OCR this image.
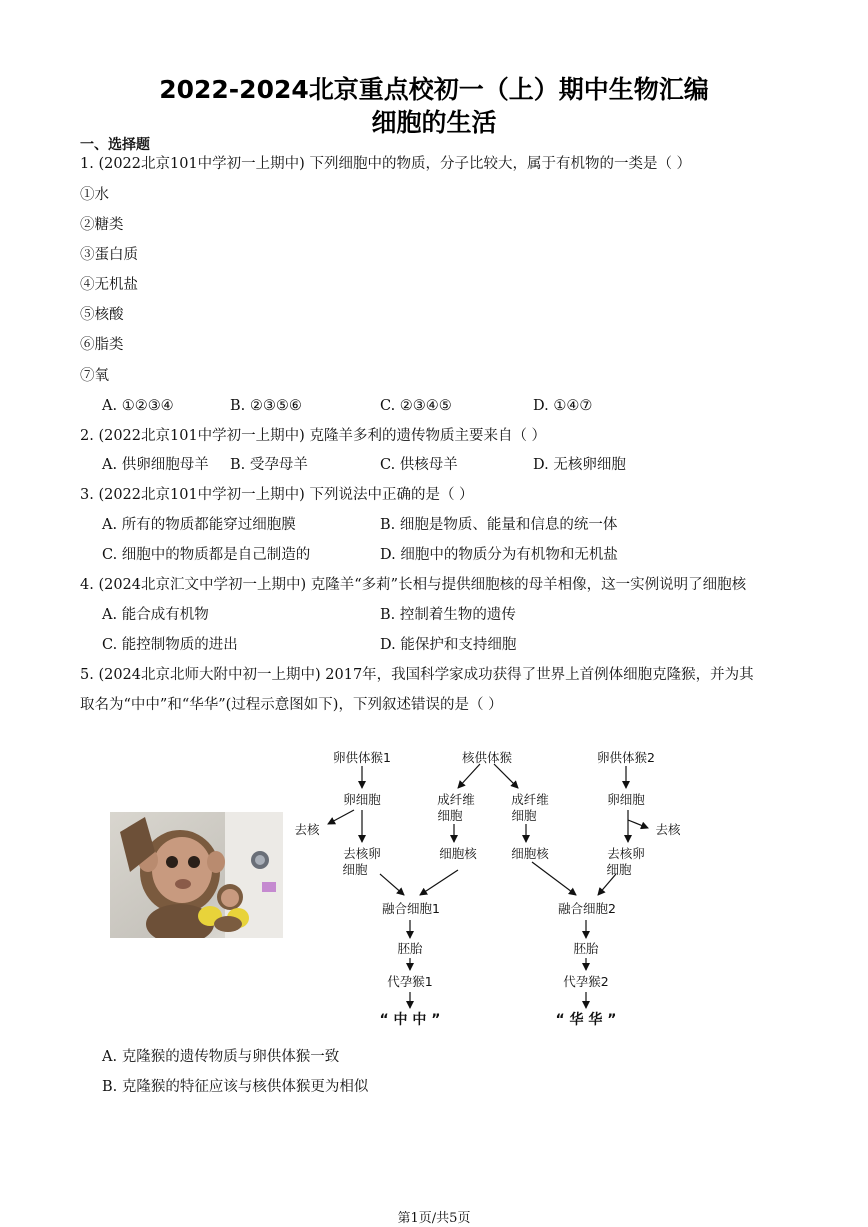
2022-2024北京重点校初一（上）期中生物汇编
细胞的生活
一、选择题
1. (2022北京101中学初一上期中) 下列细胞中的物质，分子比较大，属于有机物的一类是（ ）
①水
②糖类
③蛋白质
④无机盐
⑤核酸
⑥脂类
⑦氧
A. ①②③④	B. ②③⑤⑥	C. ②③④⑤	D. ①④⑦
2. (2022北京101中学初一上期中) 克隆羊多利的遗传物质主要来自（ ）
A. 供卵细胞母羊 B. 受孕母羊	C. 供核母羊	D. 无核卵细胞
3. (2022北京101中学初一上期中) 下列说法中正确的是（ ）
A. 所有的物质都能穿过细胞膜	B. 细胞是物质、能量和信息的统一体
C. 细胞中的物质都是自己制造的	D. 细胞中的物质分为有机物和无机盐
4. (2024北京汇文中学初一上期中) 克隆羊“多莉”长相与提供细胞核的母羊相像，这一实例说明了细胞核
A. 能合成有机物	B. 控制着生物的遗传
C. 能控制物质的进出	D. 能保护和支持细胞
5. (2024北京北师大附中初一上期中) 2017年，我国科学家成功获得了世界上首例体细胞克隆猴，并为其
取名为“中中”和“华华”(过程示意图如下)，下列叙述错误的是（ ）
卵供体猴1	核供体猴	卵供体猴2
卵细胞	卵细胞
去核	去核
成纤维
细胞
成纤维
细胞
去核卵
细胞
去核卵
细胞
细胞核	细胞核
融合细胞1	融合细胞2
胚胎	胚胎
代孕猴1	代孕猴2
“ 中 中 ”	“ 华 华 ”
A. 克隆猴的遗传物质与卵供体猴一致
B. 克隆猴的特征应该与核供体猴更为相似
第1页/共5页
